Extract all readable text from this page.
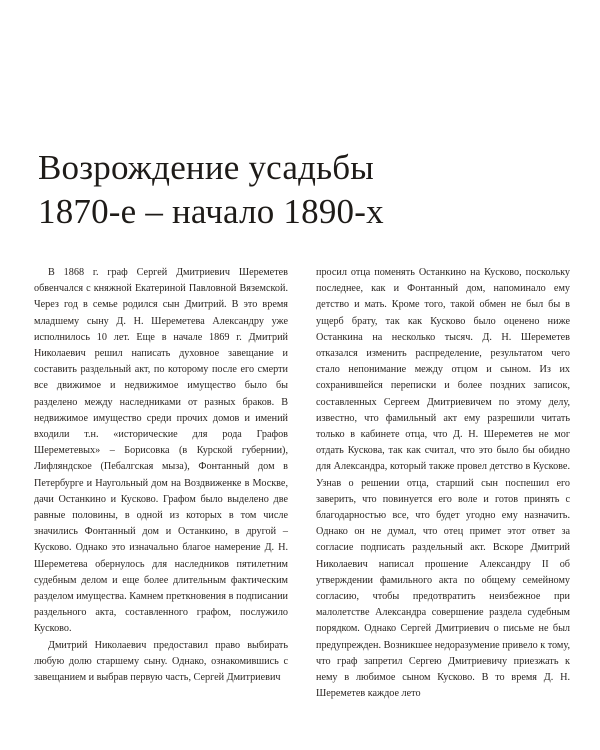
Возрождение усадьбы
1870-е – начало 1890-х

В 1868 г. граф Сергей Дмитриевич Шереметев обвенчался с княжной Екатериной Павловной Вяземской. Через год в семье родился сын Дмитрий. В это время младшему сыну Д. Н. Шереметева Александру уже исполнилось 10 лет. Еще в начале 1869 г. Дмитрий Николаевич решил написать духовное завещание и составить раздельный акт, по которому после его смерти все движимое и недвижимое имущество было бы разделено между наследниками от разных браков. В недвижимое имущество среди прочих домов и имений входили т.н. «исторические для рода Графов Шереметевых» – Борисовка (в Курской губернии), Лифляндское (Пебалгская мыза), Фонтанный дом в Петербурге и Наугольный дом на Воздвиженке в Москве, дачи Останкино и Кусково. Графом было выделено две равные половины, в одной из которых в том числе значились Фонтанный дом и Останкино, в другой – Кусково. Однако это изначально благое намерение Д. Н. Шереметева обернулось для наследников пятилетним судебным делом и еще более длительным фактическим разделом имущества. Камнем преткновения в подписании раздельного акта, составленного графом, послужило Кусково.

Дмитрий Николаевич предоставил право выбирать любую долю старшему сыну. Однако, ознакомившись с завещанием и выбрав первую часть, Сергей Дмитриевич

просил отца поменять Останкино на Кусково, поскольку последнее, как и Фонтанный дом, напоминало ему детство и мать. Кроме того, такой обмен не был бы в ущерб брату, так как Кусково было оценено ниже Останкина на несколько тысяч. Д. Н. Шереметев отказался изменить распределение, результатом чего стало непонимание между отцом и сыном. Из их сохранившейся переписки и более поздних записок, составленных Сергеем Дмитриевичем по этому делу, известно, что фамильный акт ему разрешили читать только в кабинете отца, что Д. Н. Шереметев не мог отдать Кускова, так как считал, что это было бы обидно для Александра, который также провел детство в Кускове. Узнав о решении отца, старший сын поспешил его заверить, что повинуется его воле и готов принять с благодарностью все, что будет угодно ему назначить. Однако он не думал, что отец примет этот ответ за согласие подписать раздельный акт. Вскоре Дмитрий Николаевич написал прошение Александру II об утверждении фамильного акта по общему семейному согласию, чтобы предотвратить неизбежное при малолетстве Александра совершение раздела судебным порядком. Однако Сергей Дмитриевич о письме не был предупрежден. Возникшее недоразумение привело к тому, что граф запретил Сергею Дмитриевичу приезжать к нему в любимое сыном Кусково. В то время Д. Н. Шереметев каждое лето
